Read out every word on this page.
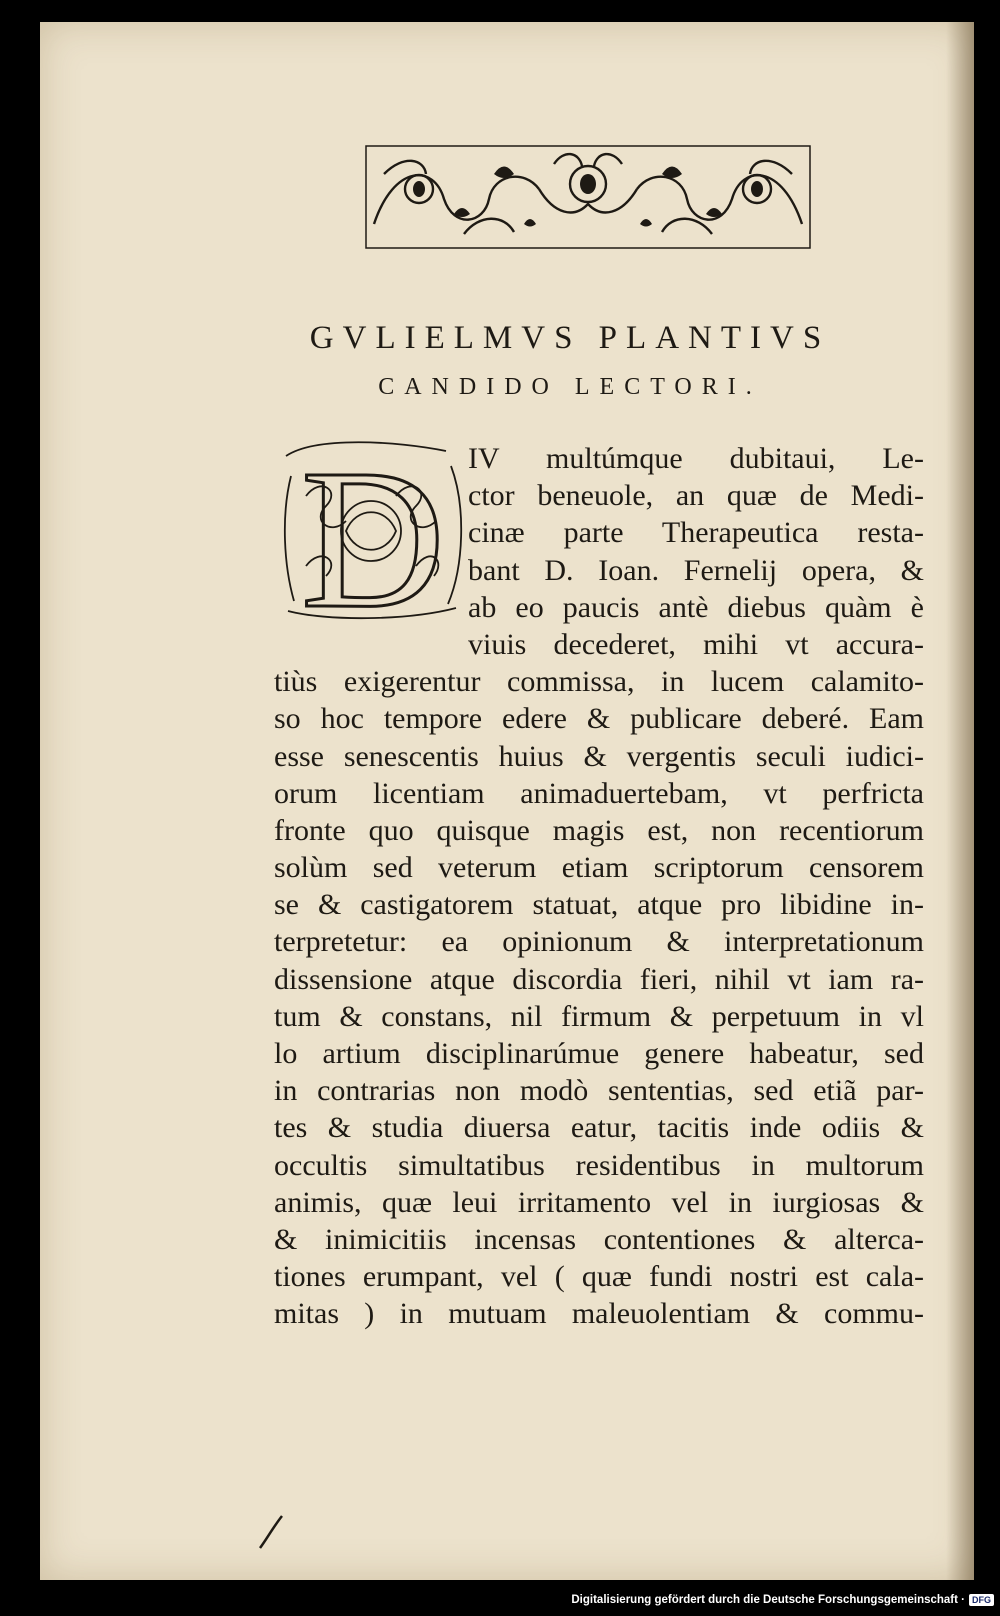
GVLIELMVS PLANTIVS
CANDIDO LECTORI.
D IV multúmque dubitaui, Le-
ctor beneuole, an quæ de Medi-
cinæ parte Therapeutica resta-
bant D. Ioan. Fernelij opera, &
ab eo paucis antè diebus quàm è
viuis decederet, mihi vt accura-
tiùs exigerentur commissa, in lucem calamito-
so hoc tempore edere & publicare deberé. Eam
esse senescentis huius & vergentis seculi iudici-
orum licentiam animaduertebam, vt perfricta
fronte quo quisque magis est, non recentiorum
solùm sed veterum etiam scriptorum censorem
se & castigatorem statuat, atque pro libidine in-
terpretetur: ea opinionum & interpretationum
dissensione atque discordia fieri, nihil vt iam ra-
tum & constans, nil firmum & perpetuum in vl
lo artium disciplinarúmue genere habeatur, sed
in contrarias non modò sententias, sed etiã par-
tes & studia diuersa eatur, tacitis inde odiis &
occultis simultatibus residentibus in multorum
animis, quæ leui irritamento vel in iurgiosas &
& inimicitiis incensas contentiones & alterca-
tiones erumpant, vel ( quæ fundi nostri est cala-
mitas ) in mutuam maleuolentiam & commu-
Digitalisierung gefördert durch die Deutsche Forschungsgemeinschaft · DFG
